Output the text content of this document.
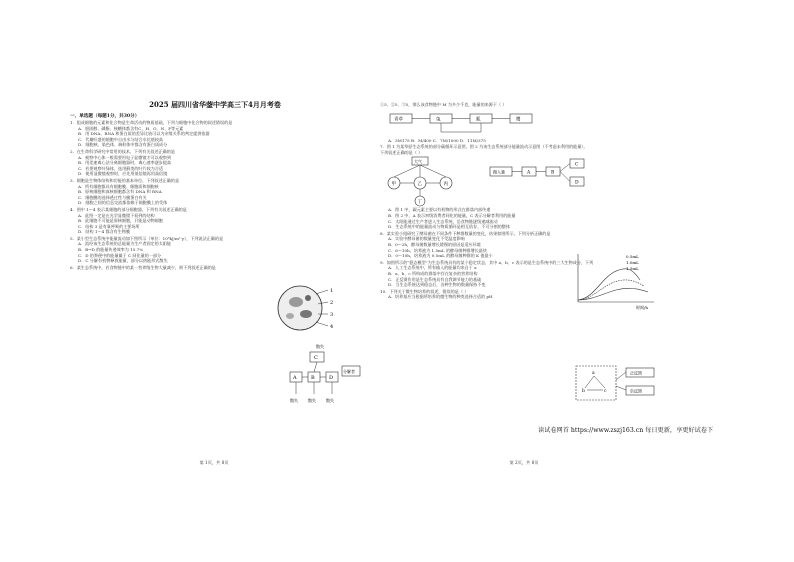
2025 届四川省华蓥中学高三下4月月考卷
一、单选题（每题1分，共30分）
1．组成细胞的元素和化合物是生命活动的物质基础，下列与细胞中化合物的叙述错误的是
A．胆固醇、磷脂、核糖体都含有C、H、O、N、P等元素
B．用 DNA、RNA 和蛋白质的差异比较可以为亲缘关系的判定提供依据
C．代谢旺盛的细胞中自由水与结合水比值较高
D．细胞核、染色体、端粒体中都含有蛋白质成分
2．在生命科学研究中常用的技术，下列有关叙述正确的是
A．观察中心体一般需要用电子显微镜才可以观察到
B．用差速离心法分离细胞器时，离心速率逐步提高
C．若要观察叶绿体，选用藓类的叶片较为合适
D．使用显微镜观察时，应先用低倍镜再用高倍镜
3．细胞是生物体结构和功能的基本单位，下列叙述正确的是
A．所有细胞都具有细胞膜、细胞质和细胞核
B．原核细胞和真核细胞都含有 DNA 和 RNA
C．细胞膜的选择透过性与膜蛋白有关
D．细胞之间的信息交流都依赖于细胞膜上的受体
4．图中 1～4 表示某细胞的部分细胞器，下列有关叙述正确的是
A．此图一定是在光学显微镜下看到的结构
B．此细胞不可能是原核细胞，只能是动物细胞
C．结构 3 是有氧呼吸的主要场所
D．结构 1～4 都含有生物膜
5．某小型生态系统中能量流动如下图所示（单位：10⁶kJ/m²·y），下列说法正确的是
A．流经该生态系统的总能量为生产者固定的太阳能
B．B→D 的能量传递效率为 15.7%
C．D 的粪便中的能量属于 C 同化量的一部分
D．C 分解有机物释放能量，部分以热能形式散失
6．某生态系统中，若食物链中的某一营养级生物大量减少，则下列叙述正确的是
1
2
3
4
散失
C
A	B	D
分解者
散失	散失	散失
第 1页，共 8页
①5、②5、③5，那么该食物链中 M 为多少千克，能量的来源于（ ）
青草	兔	狐	鹰
A．3M175 B．M/400 C．7M/1000 D．11M/375
7．图 1 为某草原生态系统的部分碳循环示意图，图 2 为该生态系统部分能量流动示意图（不考虑未利用的能量）。
下列叙述正确的是（ ）
大气
甲	乙	丙
丁
摄入量	A	B
C
D
A．图 1 中，碳元素主要以有机物的形式在群落内部传递
B．图 2 中，A 表示初级消费者同化的能量，C 表示分解者利用的能量
C．太阳能通过生产者进入生态系统，沿食物链逐级递减流动
D．生态系统中的能量流动与物质循环是相互依存、不可分割的整体
8．某实验小组研究了酵母菌在不同条件下种群数量的变化，结果如图所示，下列分析正确的是
A．实验中酵母菌的数量变化不受温度影响
B．0～2h，酵母菌数量增长缓慢的原因是适应环境
C．6～10h，培养液为 1.5mL 的酵母菌种群增长最快
D．0～10h，培养液为 0.5mL 的酵母菌种群的 K 值最小
9．如图所示的“稳态模型”为生态系统具有的某个稳定状态，其中 a、b、c 表示的是生态系统中的三大生物成分，下列
A．人工生态系统中，所有输入的能量均来自于 a
B．a、b、c 所构成的群落中存在复杂的营养结构
C．正反馈作用是生态系统具有自我调节能力的基础
D．当生态系统达到稳态后，各种生物的数量保持不变
10．下列关于微生物培养的叙述，错误的是（ ）
A．培养基应当根据所培养的微生物的种类选择合适的 pH
0.5mL
1.0mL
1.5mL
时间/h
a
b	c
正反馈
负反馈
第 2页，共 8页
读试卷网首 https://www.zszj163.cn 每日更新，享更好试卷下
